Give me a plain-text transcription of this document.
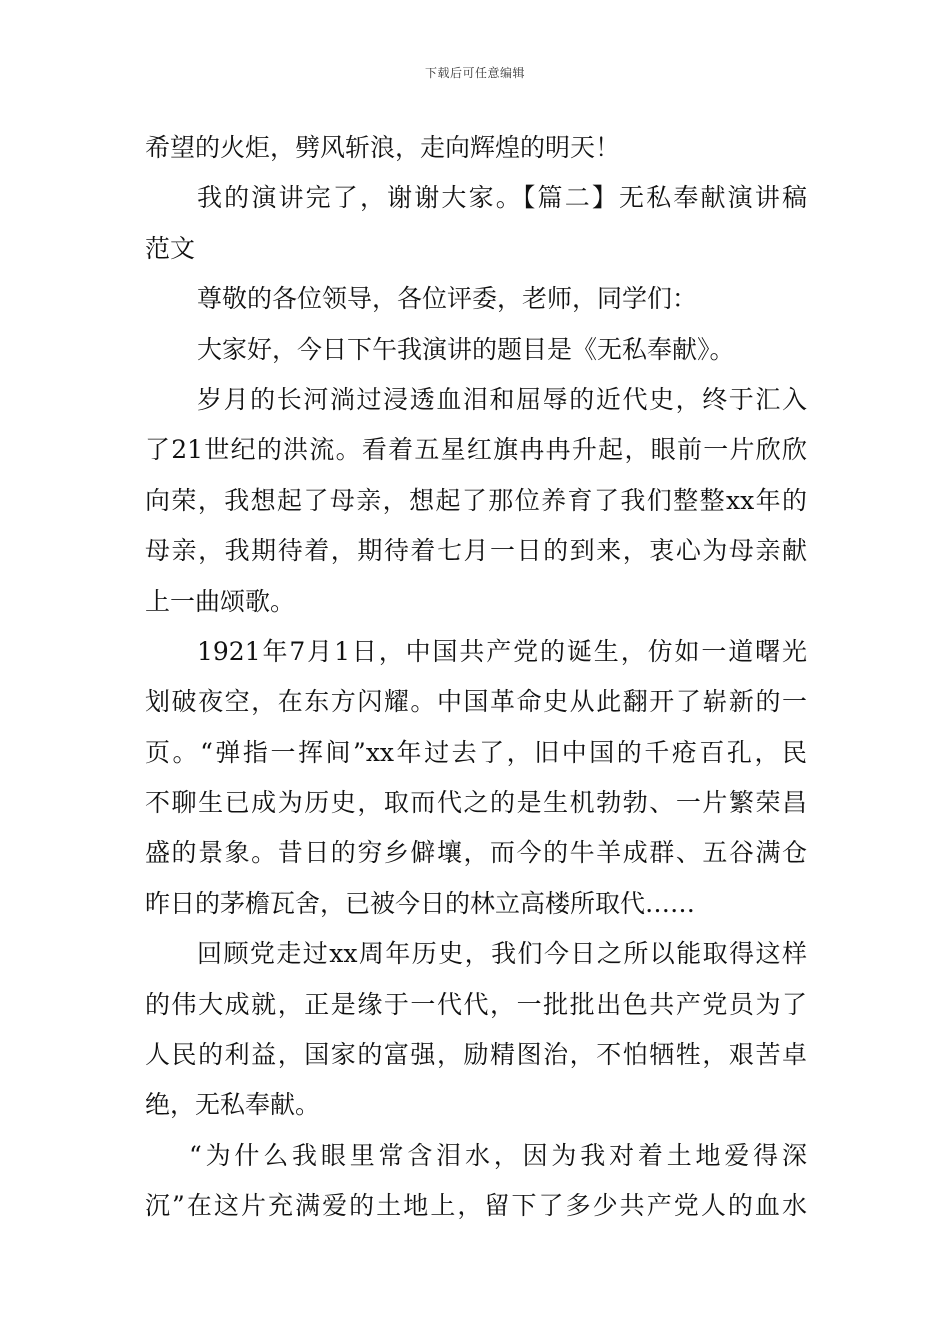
下载后可任意编辑
希望的火炬，劈风斩浪，走向辉煌的明天！
我的演讲完了，谢谢大家。【篇二】无私奉献演讲稿
范文
尊敬的各位领导，各位评委，老师，同学们：
大家好，今日下午我演讲的题目是《无私奉献》。
岁月的长河淌过浸透血泪和屈辱的近代史，终于汇入
了21世纪的洪流。看着五星红旗冉冉升起，眼前一片欣欣
向荣，我想起了母亲，想起了那位养育了我们整整xx年的
母亲，我期待着，期待着七月一日的到来，衷心为母亲献
上一曲颂歌。
1921年7月1日，中国共产党的诞生，仿如一道曙光
划破夜空，在东方闪耀。中国革命史从此翻开了崭新的一
页。“弹指一挥间”xx年过去了，旧中国的千疮百孔，民
不聊生已成为历史，取而代之的是生机勃勃、一片繁荣昌
盛的景象。昔日的穷乡僻壤，而今的牛羊成群、五谷满仓
昨日的茅檐瓦舍，已被今日的林立高楼所取代……
回顾党走过xx周年历史，我们今日之所以能取得这样
的伟大成就，正是缘于一代代，一批批出色共产党员为了
人民的利益，国家的富强，励精图治，不怕牺牲，艰苦卓
绝，无私奉献。
“为什么我眼里常含泪水，因为我对着土地爱得深
沉”在这片充满爱的土地上，留下了多少共产党人的血水
